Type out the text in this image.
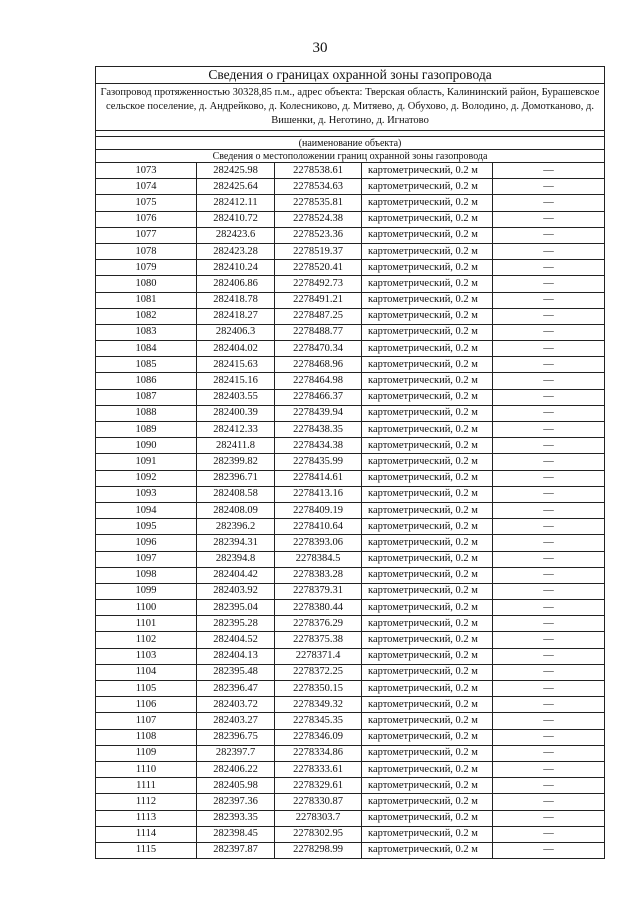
30
Сведения о границах охранной зоны газопровода				
Газопровод протяженностью 30328,85 п.м., адрес объекта: Тверская область, Калининский район, Бурашевское сельское поселение, д. Андрейково, д. Колесниково, д. Митяево, д. Обухово, д. Володино, д. Домотканово, д. Вишенки, д. Неготино, д. Игнатово				

(наименование объекта)				
Сведения о местоположении границ охранной зоны газопровода				
1073	282425.98	2278538.61	картометрический, 0.2 м	—
1074	282425.64	2278534.63	картометрический, 0.2 м	—
1075	282412.11	2278535.81	картометрический, 0.2 м	—
1076	282410.72	2278524.38	картометрический, 0.2 м	—
1077	282423.6	2278523.36	картометрический, 0.2 м	—
1078	282423.28	2278519.37	картометрический, 0.2 м	—
1079	282410.24	2278520.41	картометрический, 0.2 м	—
1080	282406.86	2278492.73	картометрический, 0.2 м	—
1081	282418.78	2278491.21	картометрический, 0.2 м	—
1082	282418.27	2278487.25	картометрический, 0.2 м	—
1083	282406.3	2278488.77	картометрический, 0.2 м	—
1084	282404.02	2278470.34	картометрический, 0.2 м	—
1085	282415.63	2278468.96	картометрический, 0.2 м	—
1086	282415.16	2278464.98	картометрический, 0.2 м	—
1087	282403.55	2278466.37	картометрический, 0.2 м	—
1088	282400.39	2278439.94	картометрический, 0.2 м	—
1089	282412.33	2278438.35	картометрический, 0.2 м	—
1090	282411.8	2278434.38	картометрический, 0.2 м	—
1091	282399.82	2278435.99	картометрический, 0.2 м	—
1092	282396.71	2278414.61	картометрический, 0.2 м	—
1093	282408.58	2278413.16	картометрический, 0.2 м	—
1094	282408.09	2278409.19	картометрический, 0.2 м	—
1095	282396.2	2278410.64	картометрический, 0.2 м	—
1096	282394.31	2278393.06	картометрический, 0.2 м	—
1097	282394.8	2278384.5	картометрический, 0.2 м	—
1098	282404.42	2278383.28	картометрический, 0.2 м	—
1099	282403.92	2278379.31	картометрический, 0.2 м	—
1100	282395.04	2278380.44	картометрический, 0.2 м	—
1101	282395.28	2278376.29	картометрический, 0.2 м	—
1102	282404.52	2278375.38	картометрический, 0.2 м	—
1103	282404.13	2278371.4	картометрический, 0.2 м	—
1104	282395.48	2278372.25	картометрический, 0.2 м	—
1105	282396.47	2278350.15	картометрический, 0.2 м	—
1106	282403.72	2278349.32	картометрический, 0.2 м	—
1107	282403.27	2278345.35	картометрический, 0.2 м	—
1108	282396.75	2278346.09	картометрический, 0.2 м	—
1109	282397.7	2278334.86	картометрический, 0.2 м	—
1110	282406.22	2278333.61	картометрический, 0.2 м	—
1111	282405.98	2278329.61	картометрический, 0.2 м	—
1112	282397.36	2278330.87	картометрический, 0.2 м	—
1113	282393.35	2278303.7	картометрический, 0.2 м	—
1114	282398.45	2278302.95	картометрический, 0.2 м	—
1115	282397.87	2278298.99	картометрический, 0.2 м	—
